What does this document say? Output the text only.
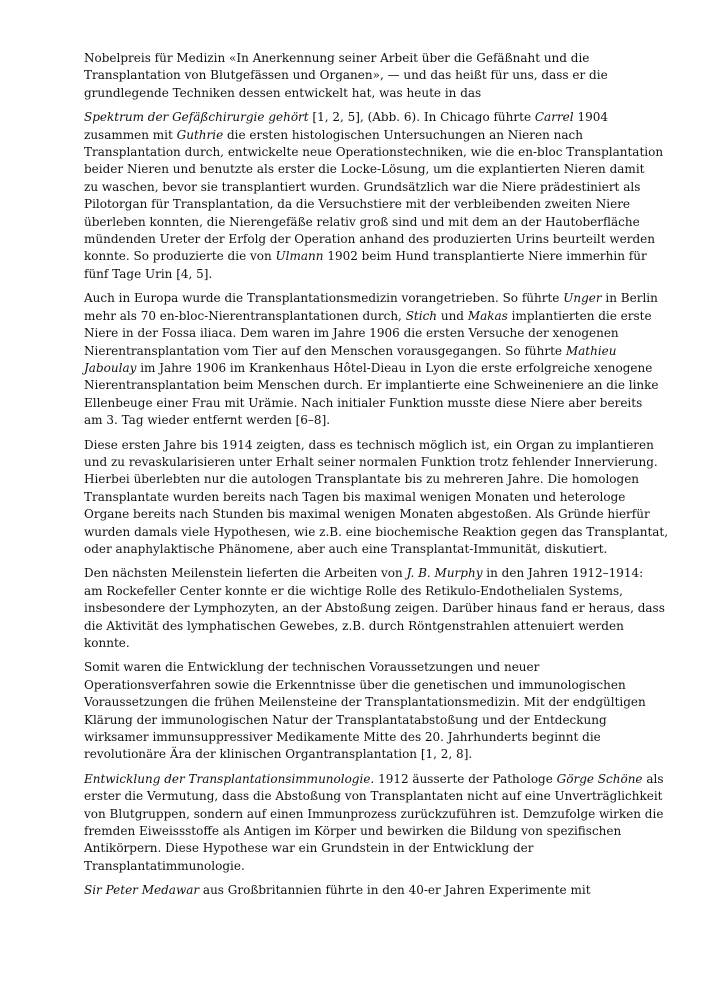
Nobelpreis für Medizin «In Anerkennung seiner Arbeit über die Gefäßnaht und die
Transplantation von Blutgefässen und Organen», — und das heißt für uns, dass er die
grundlegende Techniken dessen entwickelt hat, was heute in das

Spektrum der Gefäßchirurgie gehört [1, 2, 5], (Abb. 6). In Chicago führte Carrel 1904
zusammen mit Guthrie die ersten histologischen Untersuchungen an Nieren nach
Transplantation durch, entwickelte neue Operationstechniken, wie die en-bloc Transplantation
beider Nieren und benutzte als erster die Locke-Lösung, um die explantierten Nieren damit
zu waschen, bevor sie transplantiert wurden. Grundsätzlich war die Niere prädestiniert als
Pilotorgan für Transplantation, da die Versuchstiere mit der verbleibenden zweiten Niere
überleben konnten, die Nierengefäße relativ groß sind und mit dem an der Hautoberfläche
mündenden Ureter der Erfolg der Operation anhand des produzierten Urins beurteilt werden
konnte. So produzierte die von Ulmann 1902 beim Hund transplantierte Niere immerhin für
fünf Tage Urin [4, 5].

Auch in Europa wurde die Transplantationsmedizin vorangetrieben. So führte Unger in Berlin
mehr als 70 en-bloc-Nierentransplantationen durch, Stich und Makas implantierten die erste
Niere in der Fossa iliaca. Dem waren im Jahre 1906 die ersten Versuche der xenogenen
Nierentransplantation vom Tier auf den Menschen vorausgegangen. So führte Mathieu
Jaboulay im Jahre 1906 im Krankenhaus Hôtel-Dieau in Lyon die erste erfolgreiche xenogene
Nierentransplantation beim Menschen durch. Er implantierte eine Schweineniere an die linke
Ellenbeuge einer Frau mit Urämie. Nach initialer Funktion musste diese Niere aber bereits
am 3. Tag wieder entfernt werden [6–8].

Diese ersten Jahre bis 1914 zeigten, dass es technisch möglich ist, ein Organ zu implantieren
und zu revaskularisieren unter Erhalt seiner normalen Funktion trotz fehlender Innervierung.
Hierbei überlebten nur die autologen Transplantate bis zu mehreren Jahre. Die homologen
Transplantate wurden bereits nach Tagen bis maximal wenigen Monaten und heterologe
Organe bereits nach Stunden bis maximal wenigen Monaten abgestoßen. Als Gründe hierfür
wurden damals viele Hypothesen, wie z.B. eine biochemische Reaktion gegen das Transplantat,
oder anaphylaktische Phänomene, aber auch eine Transplantat-Immunität, diskutiert.

Den nächsten Meilenstein lieferten die Arbeiten von J. B. Murphy in den Jahren 1912–1914:
am Rockefeller Center konnte er die wichtige Rolle des Retikulo-Endothelialen Systems,
insbesondere der Lymphozyten, an der Abstoßung zeigen. Darüber hinaus fand er heraus, dass
die Aktivität des lymphatischen Gewebes, z.B. durch Röntgenstrahlen attenuiert werden
konnte.

Somit waren die Entwicklung der technischen Voraussetzungen und neuer
Operationsverfahren sowie die Erkenntnisse über die genetischen und immunologischen
Voraussetzungen die frühen Meilensteine der Transplantationsmedizin. Mit der endgültigen
Klärung der immunologischen Natur der Transplantatabstoßung und der Entdeckung
wirksamer immunsuppressiver Medikamente Mitte des 20. Jahrhunderts beginnt die
revolutionäre Ära der klinischen Organtransplantation [1, 2, 8].

Entwicklung der Transplantationsimmunologie. 1912 äusserte der Pathologe Görge Schöne als
erster die Vermutung, dass die Abstoßung von Transplantaten nicht auf eine Unverträglichkeit
von Blutgruppen, sondern auf einen Immunprozess zurückzuführen ist. Demzufolge wirken die
fremden Eiweissstoffe als Antigen im Körper und bewirken die Bildung von spezifischen
Antikörpern. Diese Hypothese war ein Grundstein in der Entwicklung der
Transplantatimmunologie.

Sir Peter Medawar aus Großbritannien führte in den 40-er Jahren Experimente mit
